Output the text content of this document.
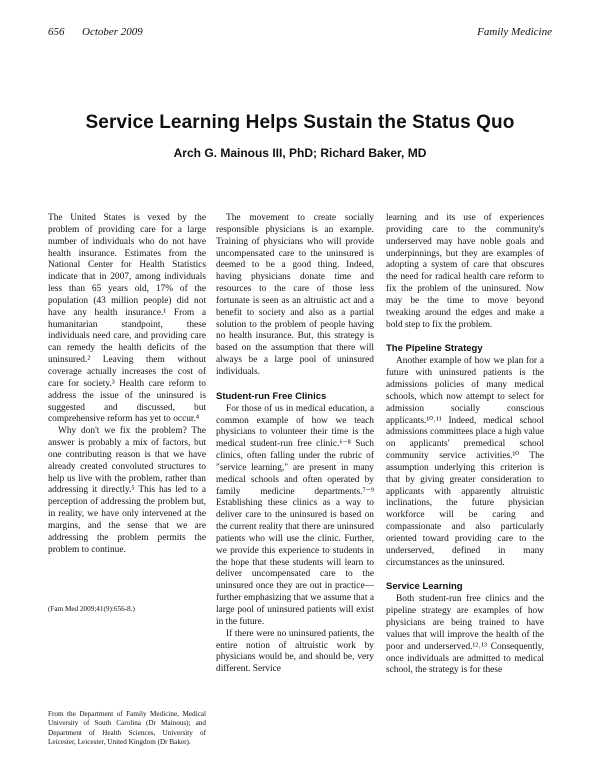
656 October 2009	Family Medicine
Service Learning Helps Sustain the Status Quo
Arch G. Mainous III, PhD; Richard Baker, MD

The United States is vexed by the problem of providing care for a large number of individuals who do not have health insurance. Estimates from the National Center for Health Statistics indicate that in 2007, among individuals less than 65 years old, 17% of the population (43 million people) did not have any health insurance.¹ From a humanitarian standpoint, these individuals need care, and providing care can remedy the health deficits of the uninsured.² Leaving them without coverage actually increases the cost of care for society.³ Health care reform to address the issue of the uninsured is suggested and discussed, but comprehensive reform has yet to occur.⁴

Why don't we fix the problem? The answer is probably a mix of factors, but one contributing reason is that we have already created convoluted structures to help us live with the problem, rather than addressing it directly.⁵ This has led to a perception of addressing the problem but, in reality, we have only intervened at the margins, and the sense that we are addressing the problem permits the problem to continue.

The movement to create socially responsible physicians is an example. Training of physicians who will provide uncompensated care to the uninsured is deemed to be a good thing. Indeed, having physicians donate time and resources to the care of those less fortunate is seen as an altruistic act and a benefit to society and also as a partial solution to the problem of people having no health insurance. But, this strategy is based on the assumption that there will always be a large pool of uninsured individuals.

Student-run Free Clinics

For those of us in medical education, a common example of how we teach physicians to volunteer their time is the medical student-run free clinic.⁶⁻⁸ Such clinics, often falling under the rubric of "service learning," are present in many medical schools and often operated by family medicine departments.⁷⁻⁹ Establishing these clinics as a way to deliver care to the uninsured is based on the current reality that there are uninsured patients who will use the clinic. Further, we provide this experience to students in the hope that these students will learn to deliver uncompensated care to the uninsured once they are out in practice—further emphasizing that we assume that a large pool of uninsured patients will exist in the future.

If there were no uninsured patients, the entire notion of altruistic work by physicians would be, and should be, very different. Service

learning and its use of experiences providing care to the community's underserved may have noble goals and underpinnings, but they are examples of adopting a system of care that obscures the need for radical health care reform to fix the problem of the uninsured. Now may be the time to move beyond tweaking around the edges and make a bold step to fix the problem.

The Pipeline Strategy

Another example of how we plan for a future with uninsured patients is the admissions policies of many medical schools, which now attempt to select for admission socially conscious applicants.¹⁰˒¹¹ Indeed, medical school admissions committees place a high value on applicants' premedical school community service activities.¹⁰ The assumption underlying this criterion is that by giving greater consideration to applicants with apparently altruistic inclinations, the future physician workforce will be caring and compassionate and also particularly oriented toward providing care to the underserved, defined in many circumstances as the uninsured.

Service Learning

Both student-run free clinics and the pipeline strategy are examples of how physicians are being trained to have values that will improve the health of the poor and underserved.¹²˒¹³ Consequently, once individuals are admitted to medical school, the strategy is for these

(Fam Med 2009;41(9):656-8.)
From the Department of Family Medicine, Medical University of South Carolina (Dr Mainous); and Department of Health Sciences, University of Leicester, Leicester, United Kingdom (Dr Baker).
